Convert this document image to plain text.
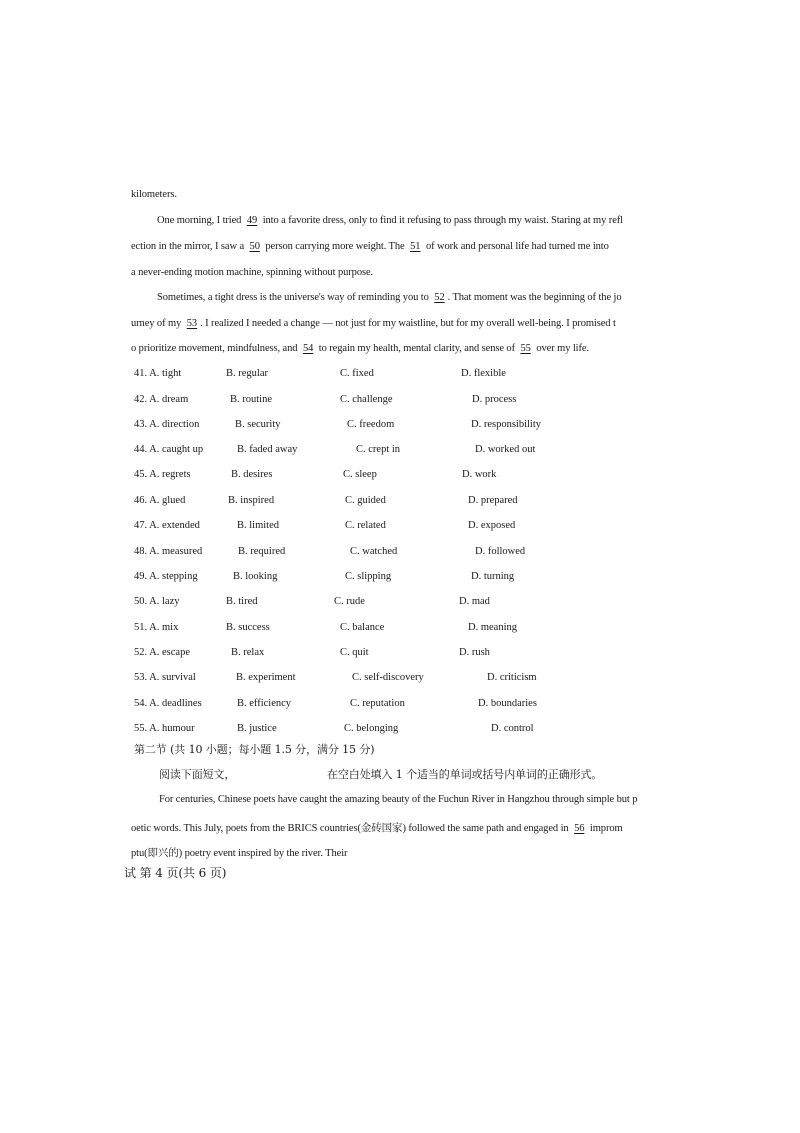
kilometers.
One morning, I tried 49 into a favorite dress, only to find it refusing to pass through my waist. Staring at my refl
ection in the mirror, I saw a 50 person carrying more weight. The 51 of work and personal life had turned me into
a never-ending motion machine, spinning without purpose.
Sometimes, a tight dress is the universe's way of reminding you to 52 . That moment was the beginning of the jo
urney of my 53 . I realized I needed a change — not just for my waistline, but for my overall well-being. I promised t
o prioritize movement, mindfulness, and 54 to regain my health, mental clarity, and sense of 55 over my life.
41. A. tight	B. regular	C. fixed	D. flexible
42. A. dream	B. routine	C. challenge	D. process
43. A. direction	B. security	C. freedom	D. responsibility
44. A. caught up	B. faded away	C. crept in	D. worked out
45. A. regrets	B. desires	C. sleep	D. work
46. A. glued	B. inspired	C. guided	D. prepared
47. A. extended	B. limited	C. related	D. exposed
48. A. measured	B. required	C. watched	D. followed
49. A. stepping	B. looking	C. slipping	D. turning
50. A. lazy	B. tired	C. rude	D. mad
51. A. mix	B. success	C. balance	D. meaning
52. A. escape	B. relax	C. quit	D. rush
53. A. survival	B. experiment	C. self-discovery	D. criticism
54. A. deadlines	B. efficiency	C. reputation	D. boundaries
55. A. humour	B. justice	C. belonging	D. control
第二节 (共 10 小题；每小题 1.5 分，满分 15 分)
阅读下面短文，	在空白处填入 1 个适当的单词或括号内单词的正确形式。
For centuries, Chinese poets have caught the amazing beauty of the Fuchun River in Hangzhou through simple but p
oetic words. This July, poets from the BRICS countries(金砖国家) followed the same path and engaged in 56 improm
ptu(即兴的) poetry event inspired by the river. Their
试 第 4 页(共 6 页)
